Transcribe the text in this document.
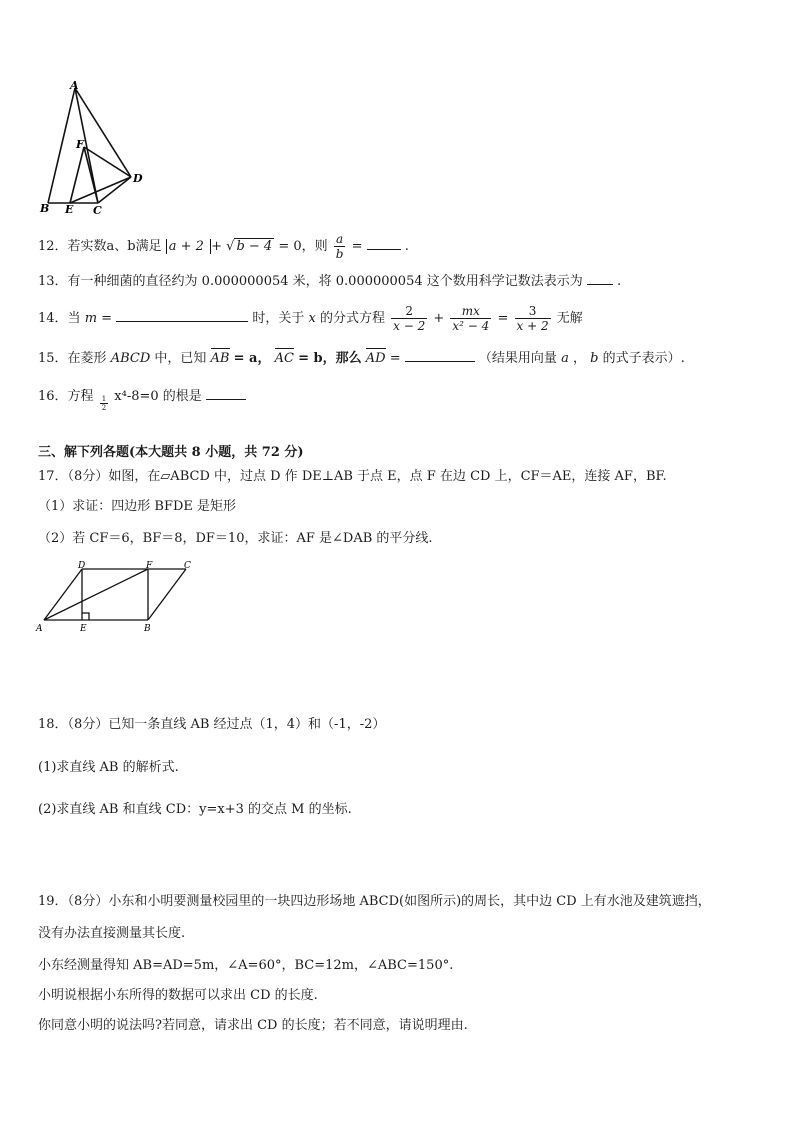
A
F
D
B E C
12．若实数a、b满足 a + 2 + √ b − 4 = 0，则 $\frac{a}{b}$ =	.
13．有一种细菌的直径约为 0.000000054 米，将 0.000000054 这个数用科学记数法表示为	.
14．当 m =	时，关于 x 的分式方程 $\frac{2}{x - 2} + \frac{mx}{\text{x² − 4}} = \frac{3}{x + 2}$ 无解
15．在菱形 ABCD 中，已知 AB = a， AC = b，那么 AD =	（结果用向量 a ， b 的式子表示）.
16．方程 $\frac{1}{2} x^4-8=0$ 的根是
三、解下列各题(本大题共 8 小题，共 72 分)
17．（8分）如图，在▱ABCD 中，过点 D 作 DE⊥AB 于点 E，点 F 在边 CD 上，CF＝AE，连接 AF，BF.
（1）求证：四边形 BFDE 是矩形
（2）若 CF＝6，BF＝8，DF＝10，求证：AF 是∠DAB 的平分线.
D	F	C
A	E	B
18．（8分）已知一条直线 AB 经过点（1，4）和（-1，-2）
(1)求直线 AB 的解析式.
(2)求直线 AB 和直线 CD：y=x+3 的交点 M 的坐标.
19．（8分）小东和小明要测量校园里的一块四边形场地 ABCD(如图所示)的周长，其中边 CD 上有水池及建筑遮挡，
没有办法直接测量其长度.
小东经测量得知 AB=AD=5m，∠A=60°，BC=12m，∠ABC=150°.
小明说根据小东所得的数据可以求出 CD 的长度.
你同意小明的说法吗?若同意，请求出 CD 的长度；若不同意，请说明理由.
